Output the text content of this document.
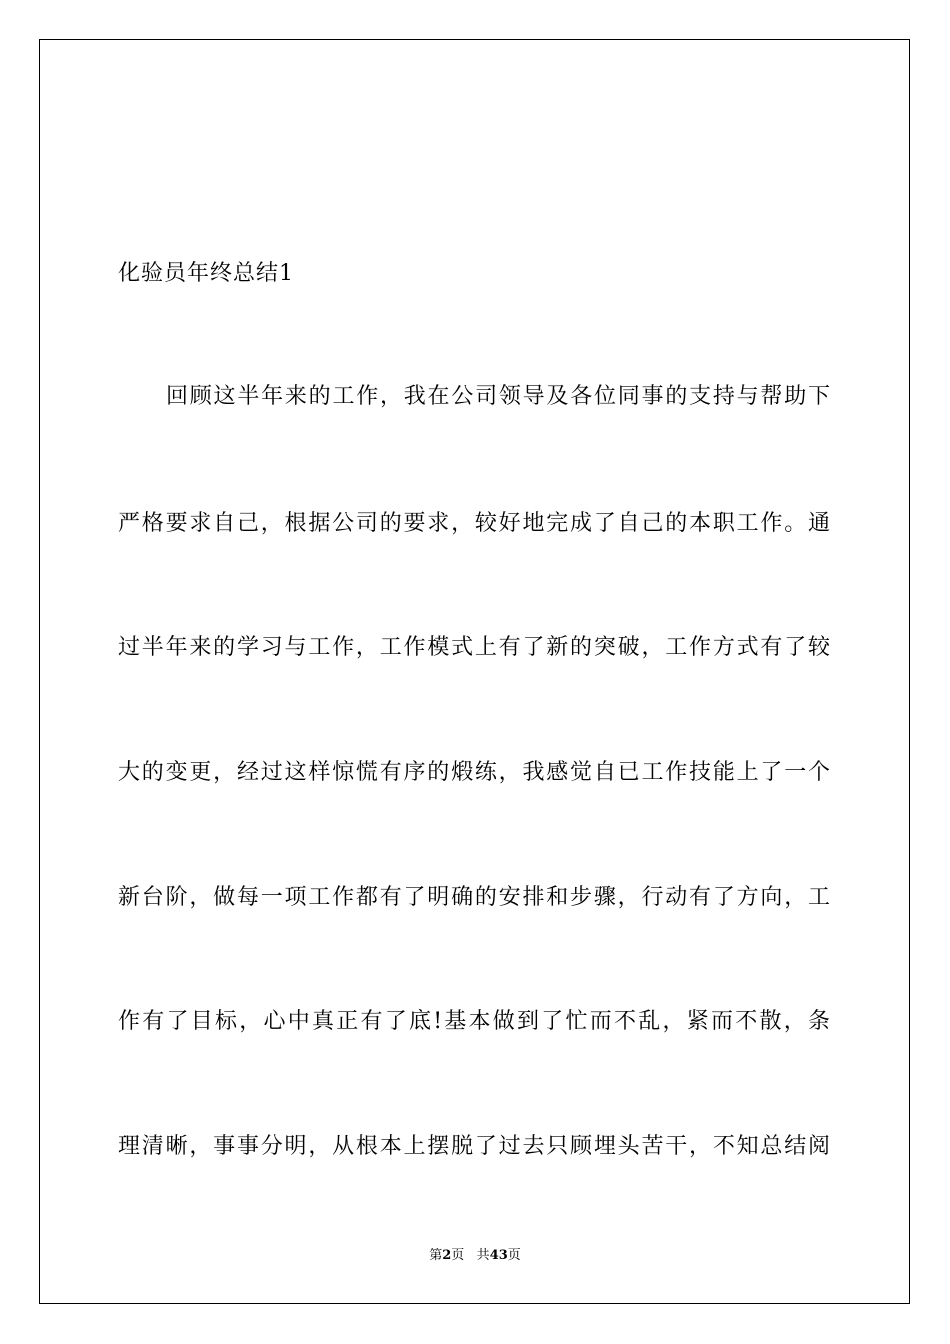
化验员年终总结1
回顾这半年来的工作，我在公司领导及各位同事的支持与帮助下
严格要求自己，根据公司的要求，较好地完成了自己的本职工作。通
过半年来的学习与工作，工作模式上有了新的突破，工作方式有了较
大的变更，经过这样惊慌有序的煅练，我感觉自已工作技能上了一个
新台阶，做每一项工作都有了明确的安排和步骤，行动有了方向，工
作有了目标，心中真正有了底!基本做到了忙而不乱，紧而不散，条
理清晰，事事分明，从根本上摆脱了过去只顾埋头苦干，不知总结阅
第2页 共43页
